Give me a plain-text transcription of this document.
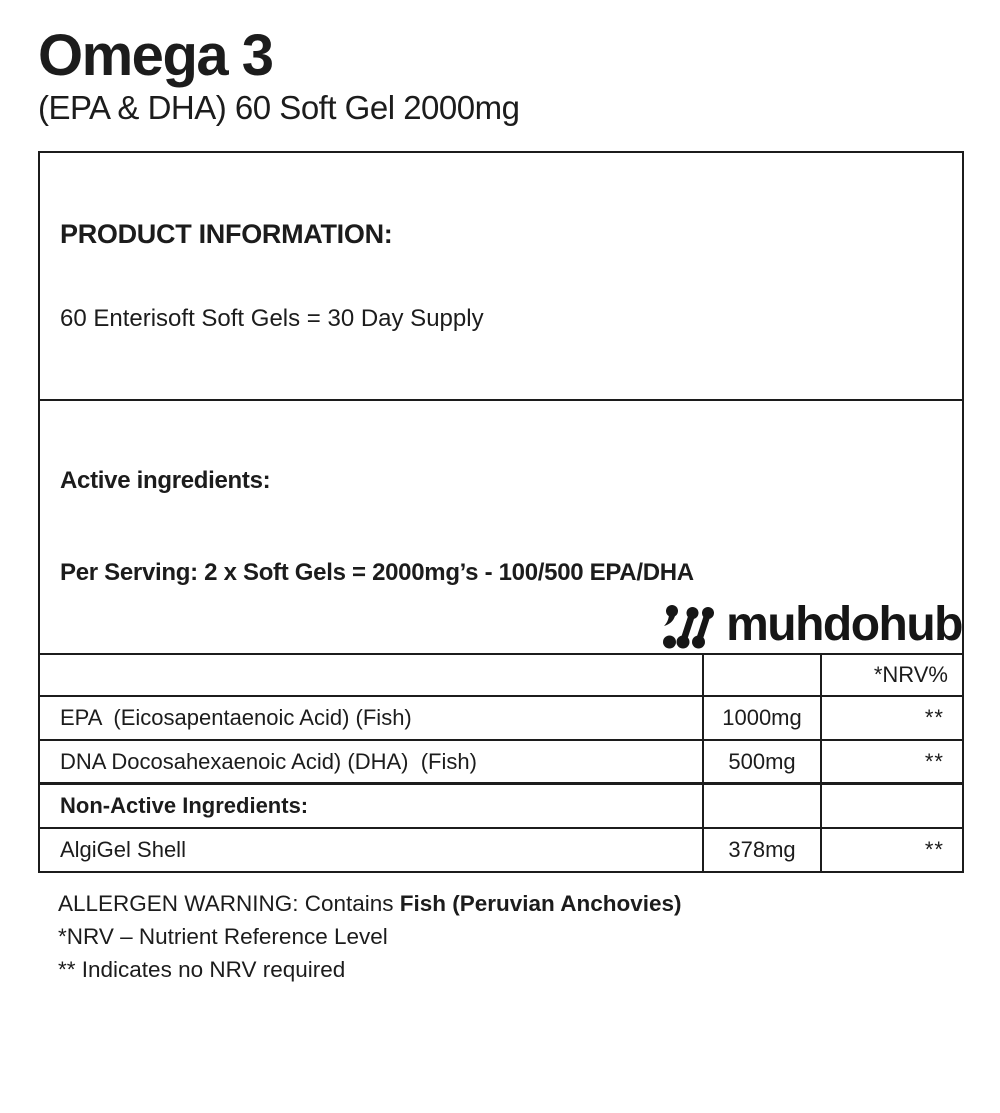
Omega 3
(EPA & DHA) 60 Soft Gel 2000mg

PRODUCT INFORMATION:

60 Enterisoft Soft Gels = 30 Day Supply		

Active ingredients:

Per Serving: 2 x Soft Gels = 2000mg’s - 100/500 EPA/DHA		

		*NRV%
EPA  (Eicosapentaenoic Acid) (Fish)	1000mg	**
DNA Docosahexaenoic Acid) (DHA)  (Fish)	500mg	**
Non-Active Ingredients:		
AlgiGel Shell	378mg	**
ALLERGEN WARNING: Contains Fish (Peruvian Anchovies)
*NRV – Nutrient Reference Level
** Indicates no NRV required
muhdohub
